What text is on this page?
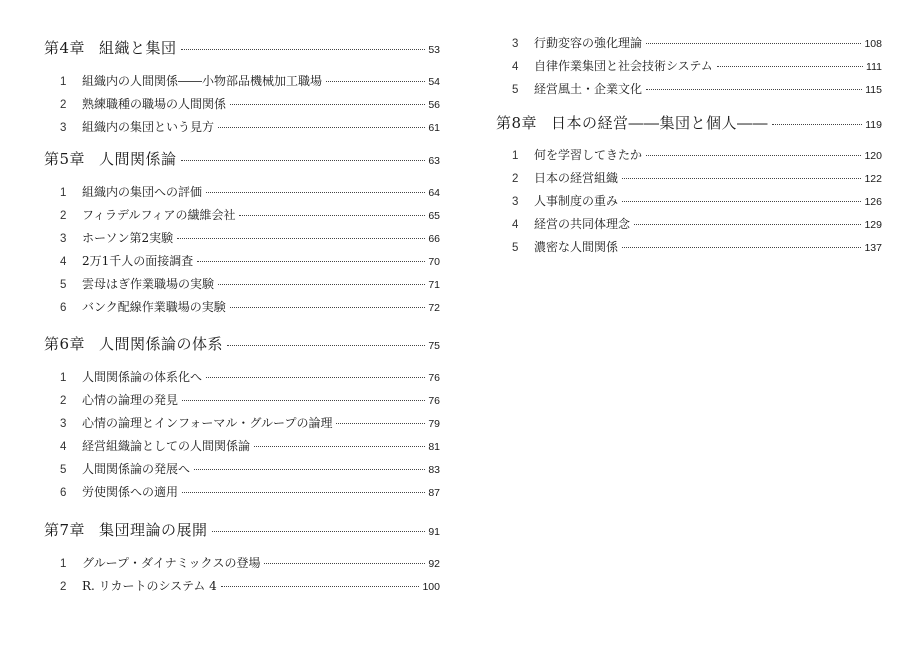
第4章 組織と集団	53
1 組織内の人間関係――小物部品機械加工職場	54
2 熟練職種の職場の人間関係	56
3 組織内の集団という見方	61
第5章 人間関係論	63
1 組織内の集団への評価	64
2 フィラデルフィアの繊維会社	65
3 ホーソン第2実験	66
4 2万1千人の面接調査	70
5 雲母はぎ作業職場の実験	71
6 バンク配線作業職場の実験	72
第6章 人間関係論の体系	75
1 人間関係論の体系化へ	76
2 心情の論理の発見	76
3 心情の論理とインフォーマル・グループの論理	79
4 経営組織論としての人間関係論	81
5 人間関係論の発展へ	83
6 労使関係への適用	87
第7章 集団理論の展開	91
1 グループ・ダイナミックスの登場	92
2 R. リカートのシステム 4	100
3 行動変容の強化理論	108
4 自律作業集団と社会技術システム	111
5 経営風土・企業文化	115
第8章 日本の経営――集団と個人――	119
1 何を学習してきたか	120
2 日本の経営組織	122
3 人事制度の重み	126
4 経営の共同体理念	129
5 濃密な人間関係	137
